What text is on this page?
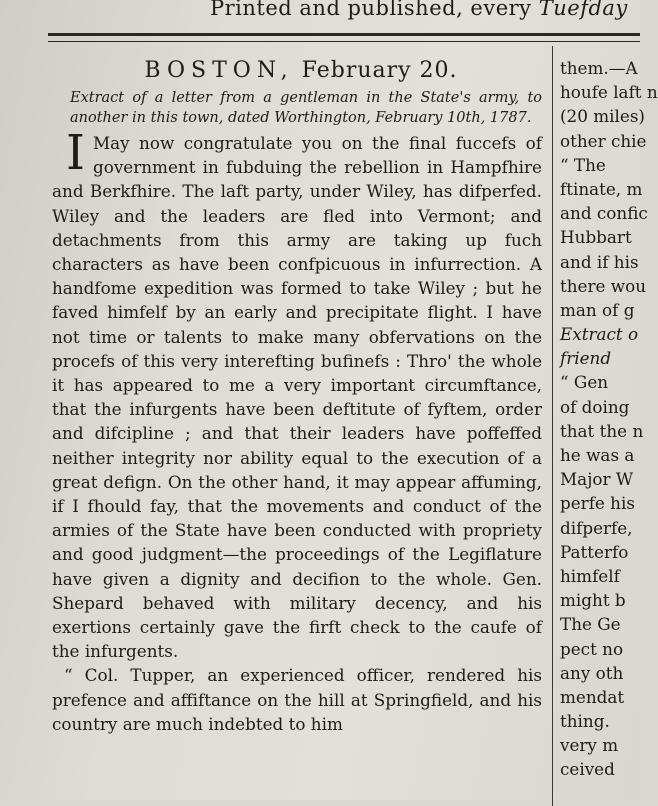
Printed and published, every Tuefday
BOSTON, February 20.
Extract of a letter from a gentleman in the State's army, to another in this town, dated Worthington, February 10th, 1787.

I May now congratulate you on the final fuccefs of government in fubduing the rebellion in Hampfhire and Berkfhire. The laft party, under Wiley, has difperfed. Wiley and the leaders are fled into Vermont; and detachments from this army are taking up fuch characters as have been confpicuous in infurrection. A handfome expedition was formed to take Wiley ; but he faved himfelf by an early and precipitate flight. I have not time or talents to make many obfervations on the procefs of this very interefting bufinefs : Thro' the whole it has appeared to me a very important circumftance, that the infurgents have been deftitute of fyftem, order and difcipline ; and that their leaders have poffeffed neither integrity nor ability equal to the execution of a great defign. On the other hand, it may appear affuming, if I fhould fay, that the movements and conduct of the armies of the State have been conducted with propriety and good judgment—the proceedings of the Legiflature have given a dignity and decifion to the whole. Gen. Shepard behaved with military decency, and his exertions certainly gave the firft check to the caufe of the infurgents.

“ Col. Tupper, an experienced officer, rendered his prefence and affiftance on the hill at Springfield, and his country are much indebted to him

them.—A
houfe laft n
(20 miles)
other chie
“ The
ftinate, m
and confic
Hubbart
and if his
there wou
man of g
Extract o
friend
“ Gen
of doing
that the n
he was a
Major W
perfe his
difperfe,
Patterfo
himfelf
might b
The Ge
pect no
any oth
mendat
thing.
very m
ceived
